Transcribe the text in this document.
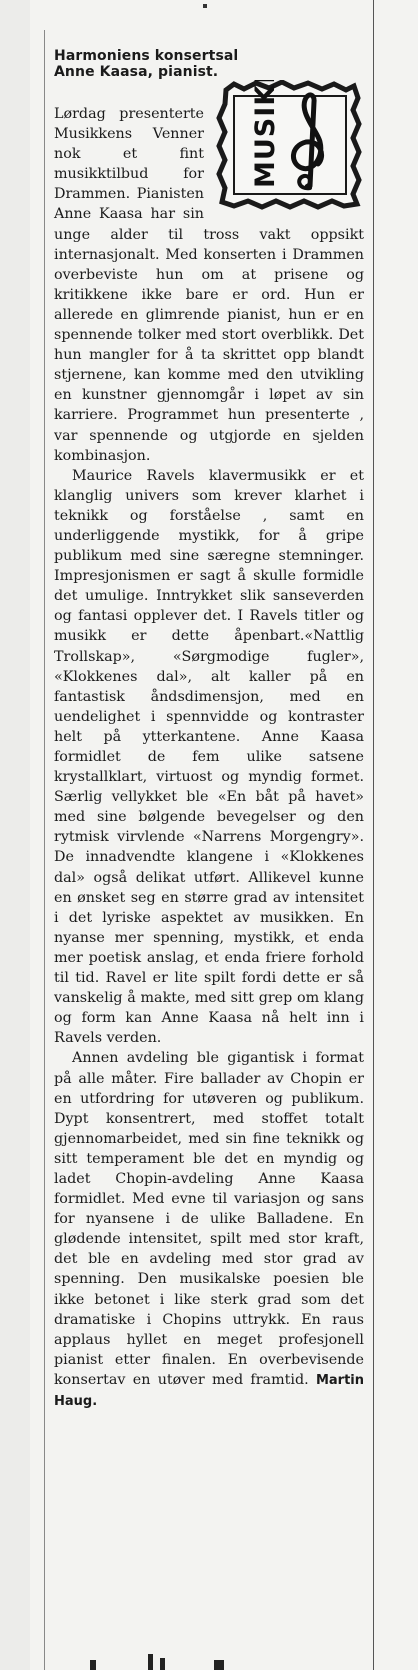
Harmoniens konsertsal
Anne Kaasa, pianist.	MUSIKK

Lørdag presenterte Musikkens Venner nok et fint musikktilbud for Drammen. Pianisten Anne Kaasa har sin unge alder til tross vakt oppsikt internasjonalt. Med konserten i Drammen overbeviste hun om at prisene og kritikkene ikke bare er ord. Hun er allerede en glimrende pianist, hun er en spennende tolker med stort overblikk. Det hun mangler for å ta skrittet opp blandt stjernene, kan komme med den utvikling en kunstner gjennomgår i løpet av sin karriere. Programmet hun presenterte , var spennende og utgjorde en sjelden kombinasjon.

Maurice Ravels klavermusikk er et klanglig univers som krever klarhet i teknikk og forståelse , samt en underliggende mystikk, for å gripe publikum med sine særegne stemninger. Impresjonismen er sagt å skulle formidle det umulige. Inntrykket slik sanseverden og fantasi opplever det. I Ravels titler og musikk er dette åpenbart.«Nattlig Trollskap», «Sørgmodige fugler», «Klokkenes dal», alt kaller på en fantastisk åndsdimensjon, med en uendelighet i spennvidde og kontraster helt på ytterkantene. Anne Kaasa formidlet de fem ulike satsene krystallklart, virtuost og myndig formet. Særlig vellykket ble «En båt på havet» med sine bølgende bevegelser og den rytmisk virvlende «Narrens Morgengry». De innadvendte klangene i «Klokkenes dal» også delikat utført. Allikevel kunne en ønsket seg en større grad av intensitet i det lyriske aspektet av musikken. En nyanse mer spenning, mystikk, et enda mer poetisk anslag, et enda friere forhold til tid. Ravel er lite spilt fordi dette er så vanskelig å makte, med sitt grep om klang og form kan Anne Kaasa nå helt inn i Ravels verden.

Annen avdeling ble gigantisk i format på alle måter. Fire ballader av Chopin er en utfordring for utøveren og publikum. Dypt konsentrert, med stoffet totalt gjennomarbeidet, med sin fine teknikk og sitt temperament ble det en myndig og ladet Chopin-avdeling Anne Kaasa formidlet. Med evne til variasjon og sans for nyansene i de ulike Balladene. En glødende intensitet, spilt med stor kraft, det ble en avdeling med stor grad av spenning. Den musikalske poesien ble ikke betonet i like sterk grad som det dramatiske i Chopins uttrykk. En raus applaus hyllet en meget profesjonell pianist etter finalen. En overbevisende konsertav en utøver med framtid. Martin Haug.
